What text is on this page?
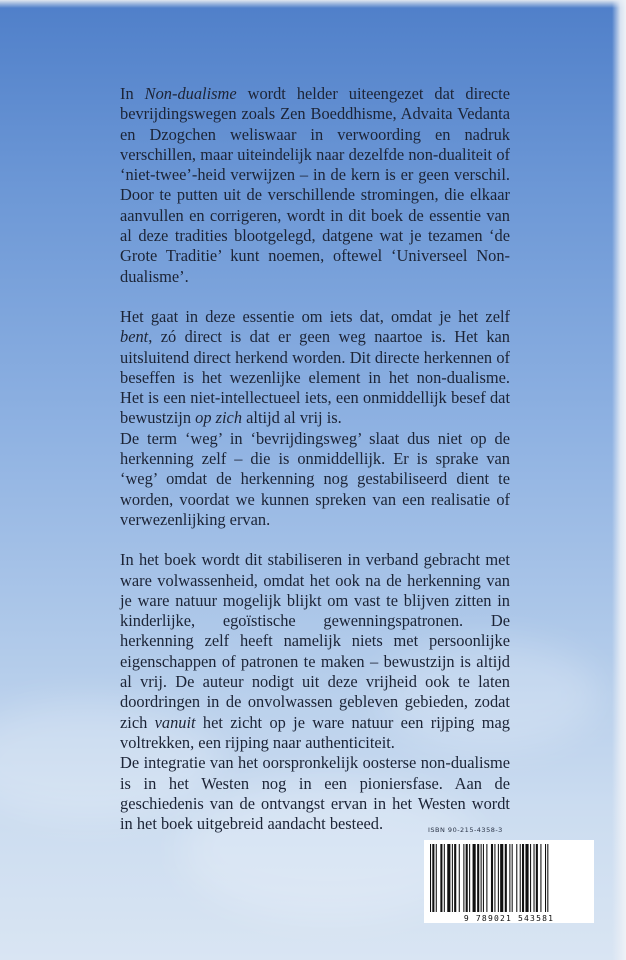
In Non-dualisme wordt helder uiteengezet dat directe bevrijdingswegen zoals Zen Boeddhisme, Advaita Vedanta en Dzogchen weliswaar in verwoording en nadruk verschillen, maar uiteindelijk naar dezelfde non-dualiteit of ‘niet-twee’-heid verwijzen – in de kern is er geen verschil. Door te putten uit de verschillende stromingen, die elkaar aanvullen en corrigeren, wordt in dit boek de essentie van al deze tradities blootgelegd, datgene wat je tezamen ‘de Grote Traditie’ kunt noemen, oftewel ‘Universeel Non-dualisme’.

Het gaat in deze essentie om iets dat, omdat je het zelf bent, zó direct is dat er geen weg naartoe is. Het kan uitsluitend direct herkend worden. Dit directe herkennen of beseffen is het wezenlijke element in het non-dualisme. Het is een niet-intellectueel iets, een onmiddellijk besef dat bewustzijn op zich altijd al vrij is.

De term ‘weg’ in ‘bevrijdingsweg’ slaat dus niet op de herkenning zelf – die is onmiddellijk. Er is sprake van ‘weg’ omdat de herkenning nog gestabiliseerd dient te worden, voordat we kunnen spreken van een realisatie of verwezenlijking ervan.

In het boek wordt dit stabiliseren in verband gebracht met ware volwassenheid, omdat het ook na de herkenning van je ware natuur mogelijk blijkt om vast te blijven zitten in kinderlijke, egoïstische gewenningspatronen. De herkenning zelf heeft namelijk niets met persoonlijke eigenschappen of patronen te maken – bewustzijn is altijd al vrij. De auteur nodigt uit deze vrijheid ook te laten doordringen in de onvolwassen gebleven gebieden, zodat zich vanuit het zicht op je ware natuur een rijping mag voltrekken, een rijping naar authenticiteit.

De integratie van het oorspronkelijk oosterse non-dualisme is in het Westen nog in een pioniersfase. Aan de geschiedenis van de ontvangst ervan in het Westen wordt in het boek uitgebreid aandacht besteed.	ISBN 90-215-4358-3
9 789021 543581
